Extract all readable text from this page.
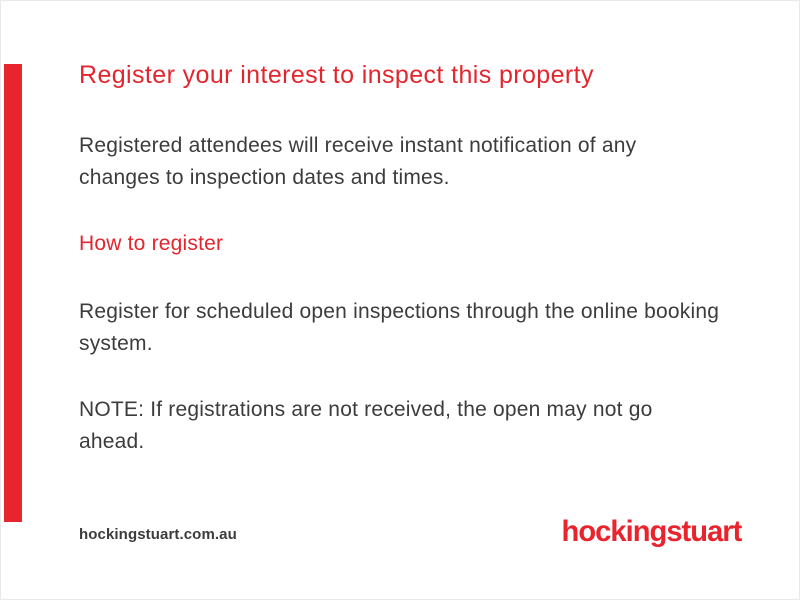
Register your interest to inspect this property
Registered attendees will receive instant notification of any
changes to inspection dates and times.
How to register
Register for scheduled open inspections through the online booking
system.
NOTE: If registrations are not received, the open may not go
ahead.
hockingstuart.com.au	hockingstuart
